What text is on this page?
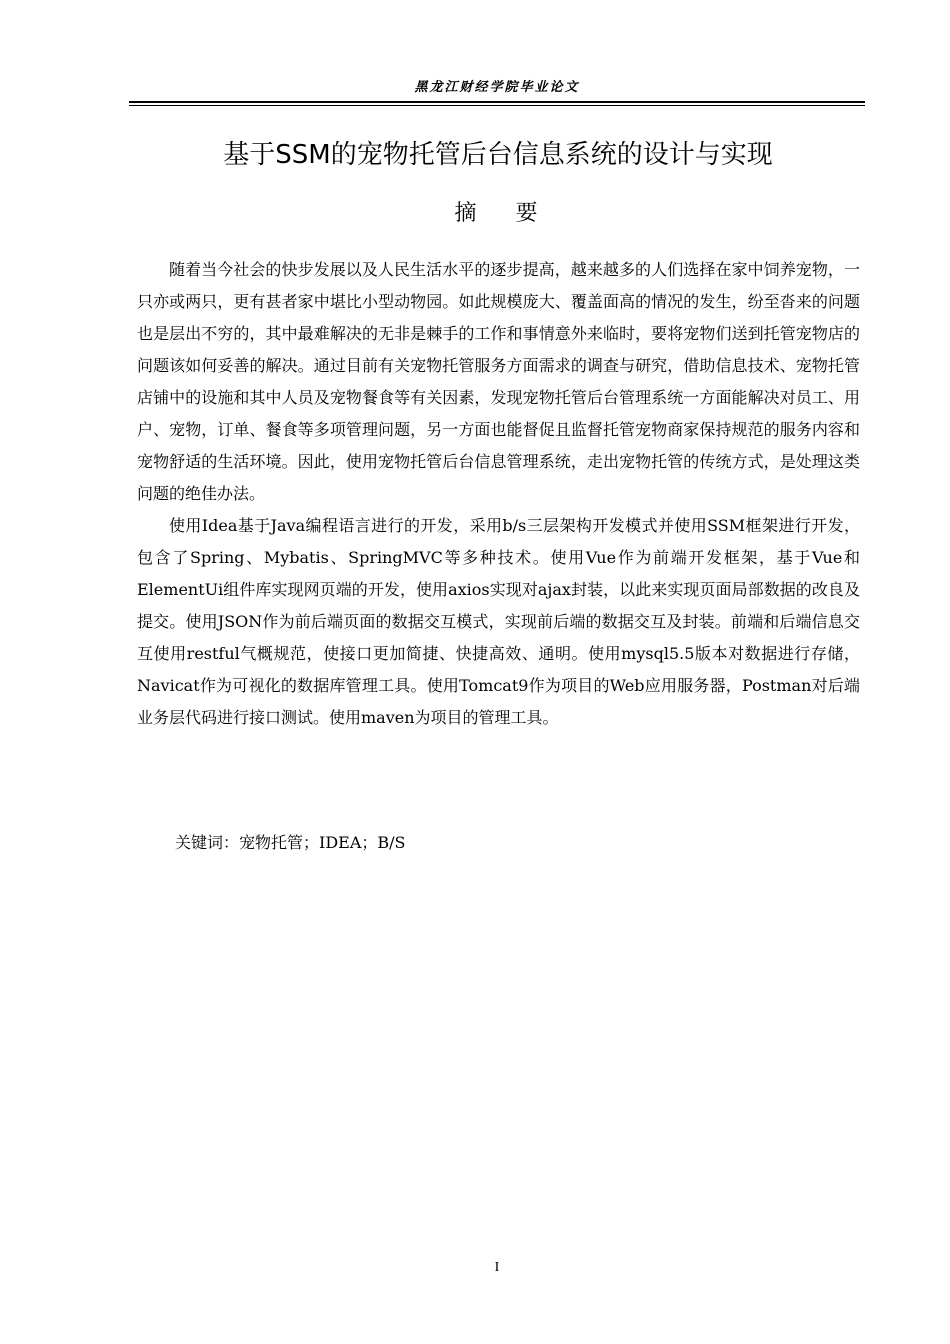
黑龙江财经学院毕业论文
基于SSM的宠物托管后台信息系统的设计与实现
摘 要

随着当今社会的快步发展以及人民生活水平的逐步提高，越来越多的人们选择在家中饲养宠物，一只亦或两只，更有甚者家中堪比小型动物园。如此规模庞大、覆盖面高的情况的发生，纷至沓来的问题也是层出不穷的，其中最难解决的无非是棘手的工作和事情意外来临时，要将宠物们送到托管宠物店的问题该如何妥善的解决。通过目前有关宠物托管服务方面需求的调查与研究，借助信息技术、宠物托管店铺中的设施和其中人员及宠物餐食等有关因素，发现宠物托管后台管理系统一方面能解决对员工、用户、宠物，订单、餐食等多项管理问题，另一方面也能督促且监督托管宠物商家保持规范的服务内容和宠物舒适的生活环境。因此，使用宠物托管后台信息管理系统，走出宠物托管的传统方式，是处理这类问题的绝佳办法。

使用Idea基于Java编程语言进行的开发，采用b/s三层架构开发模式并使用SSM框架进行开发，包含了Spring、Mybatis、SpringMVC等多种技术。使用Vue作为前端开发框架，基于Vue和ElementUi组件库实现网页端的开发，使用axios实现对ajax封装，以此来实现页面局部数据的改良及提交。使用JSON作为前后端页面的数据交互模式，实现前后端的数据交互及封装。前端和后端信息交互使用restful气概规范，使接口更加简捷、快捷高效、通明。使用mysql5.5版本对数据进行存储，Navicat作为可视化的数据库管理工具。使用Tomcat9作为项目的Web应用服务器，Postman对后端业务层代码进行接口测试。使用maven为项目的管理工具。

关键词：宠物托管；IDEA；B/S
I
